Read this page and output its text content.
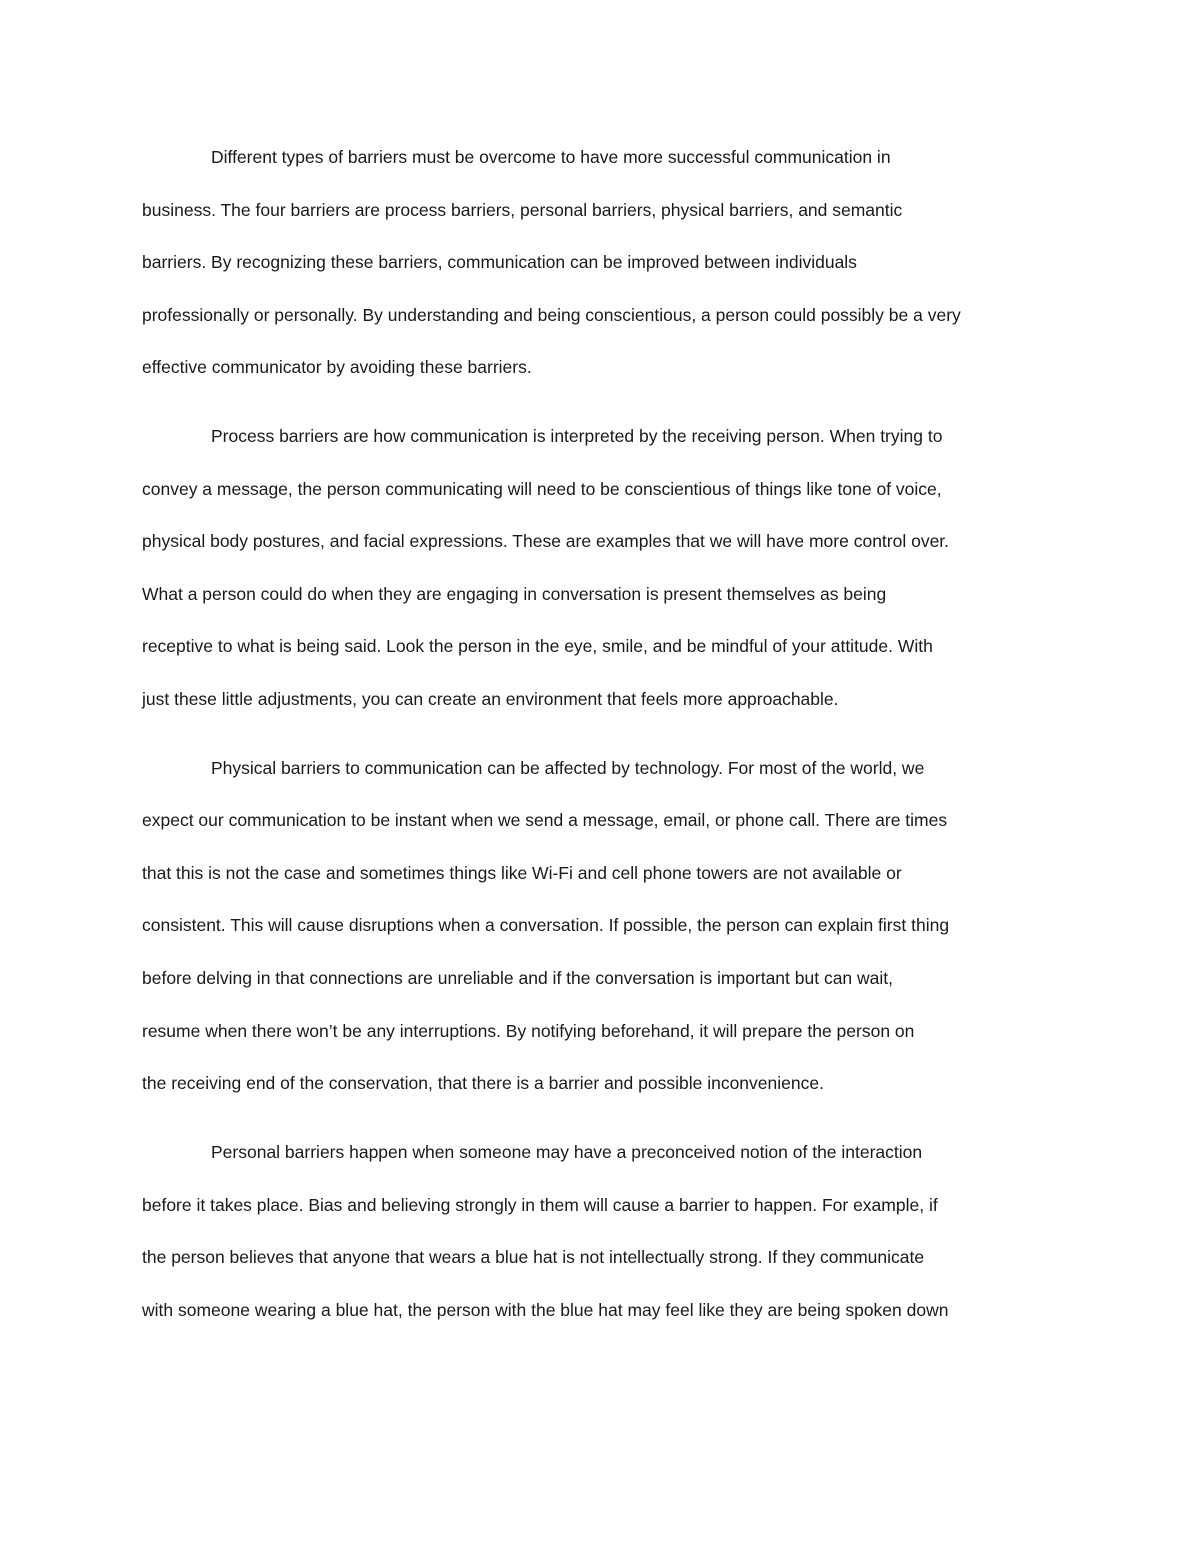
Different types of barriers must be overcome to have more successful communication in
business. The four barriers are process barriers, personal barriers, physical barriers, and semantic
barriers. By recognizing these barriers, communication can be improved between individuals
professionally or personally. By understanding and being conscientious, a person could possibly be a very
effective communicator by avoiding these barriers.
Process barriers are how communication is interpreted by the receiving person. When trying to
convey a message, the person communicating will need to be conscientious of things like tone of voice,
physical body postures, and facial expressions. These are examples that we will have more control over.
What a person could do when they are engaging in conversation is present themselves as being
receptive to what is being said. Look the person in the eye, smile, and be mindful of your attitude. With
just these little adjustments, you can create an environment that feels more approachable.
Physical barriers to communication can be affected by technology. For most of the world, we
expect our communication to be instant when we send a message, email, or phone call. There are times
that this is not the case and sometimes things like Wi-Fi and cell phone towers are not available or
consistent. This will cause disruptions when a conversation. If possible, the person can explain first thing
before delving in that connections are unreliable and if the conversation is important but can wait,
resume when there won’t be any interruptions. By notifying beforehand, it will prepare the person on
the receiving end of the conservation, that there is a barrier and possible inconvenience.
Personal barriers happen when someone may have a preconceived notion of the interaction
before it takes place. Bias and believing strongly in them will cause a barrier to happen. For example, if
the person believes that anyone that wears a blue hat is not intellectually strong. If they communicate
with someone wearing a blue hat, the person with the blue hat may feel like they are being spoken down
